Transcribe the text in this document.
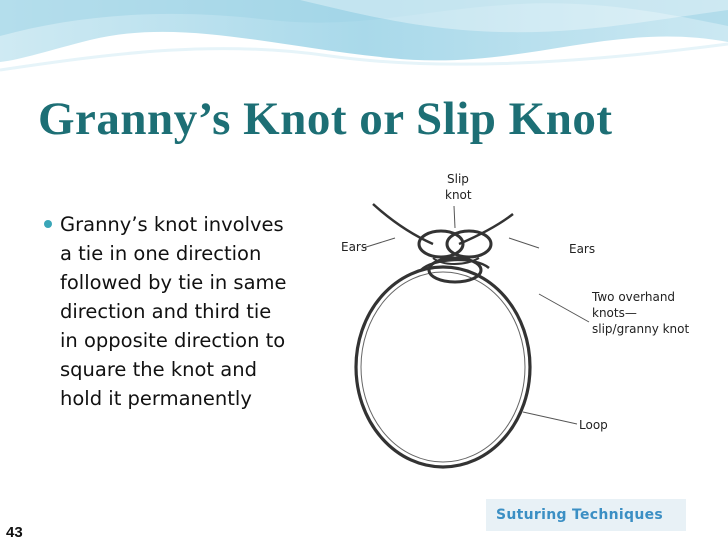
Granny’s Knot or Slip Knot
Granny’s knot involves
a tie in one direction
followed by tie in same
direction and third tie
in opposite direction to
square the knot and
hold it permanently
Slip
knot
Ears	Ears
Two overhand
knots—
slip/granny knot
Loop
Suturing Techniques
43
